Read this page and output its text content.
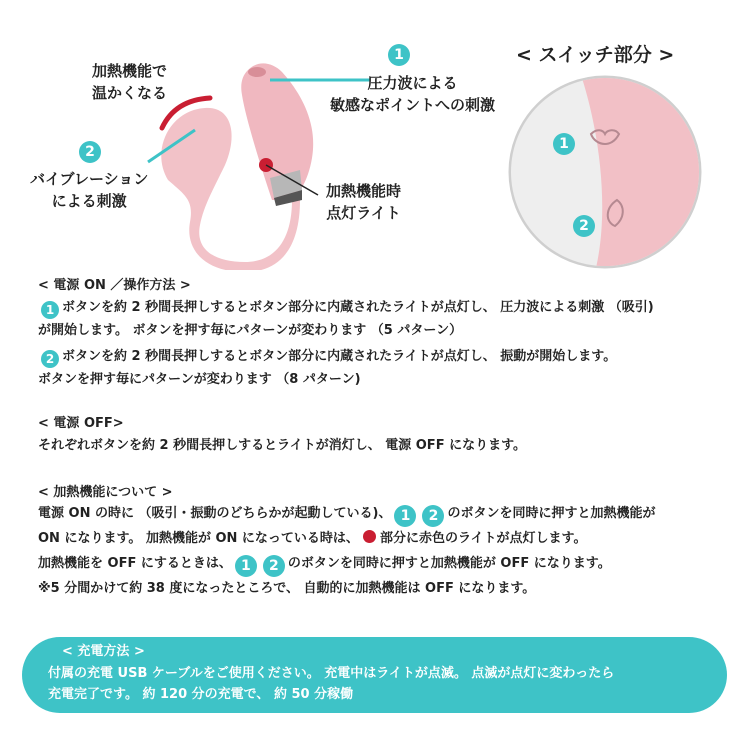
加熱機能で
温かくなる
1
圧力波による
敏感なポイントへの刺激
2
バイブレーション
による刺激
加熱機能時
点灯ライト
< スイッチ部分 >
1
2
< 電源 ON ／操作方法 >
1 ボタンを約 2 秒間長押しするとボタン部分に内蔵されたライトが点灯し、 圧力波による刺激 （吸引)
が開始します。 ボタンを押す毎にパターンが変わります （5 パターン）
2 ボタンを約 2 秒間長押しするとボタン部分に内蔵されたライトが点灯し、 振動が開始します。
ボタンを押す毎にパターンが変わります （8 パターン)
< 電源 OFF>
それぞれボタンを約 2 秒間長押しするとライトが消灯し、 電源 OFF になります。
< 加熱機能について >
電源 ON の時に （吸引・振動のどちらかが起動している)、 1 2 のボタンを同時に押すと加熱機能が
ON になります。 加熱機能が ON になっている時は、 部分に赤色のライトが点灯します。
加熱機能を OFF にするときは、 1 2 のボタンを同時に押すと加熱機能が OFF になります。
※5 分間かけて約 38 度になったところで、 自動的に加熱機能は OFF になります。
< 充電方法 >
付属の充電 USB ケーブルをご使用ください。 充電中はライトが点滅。 点滅が点灯に変わったら
充電完了です。 約 120 分の充電で、 約 50 分稼働
